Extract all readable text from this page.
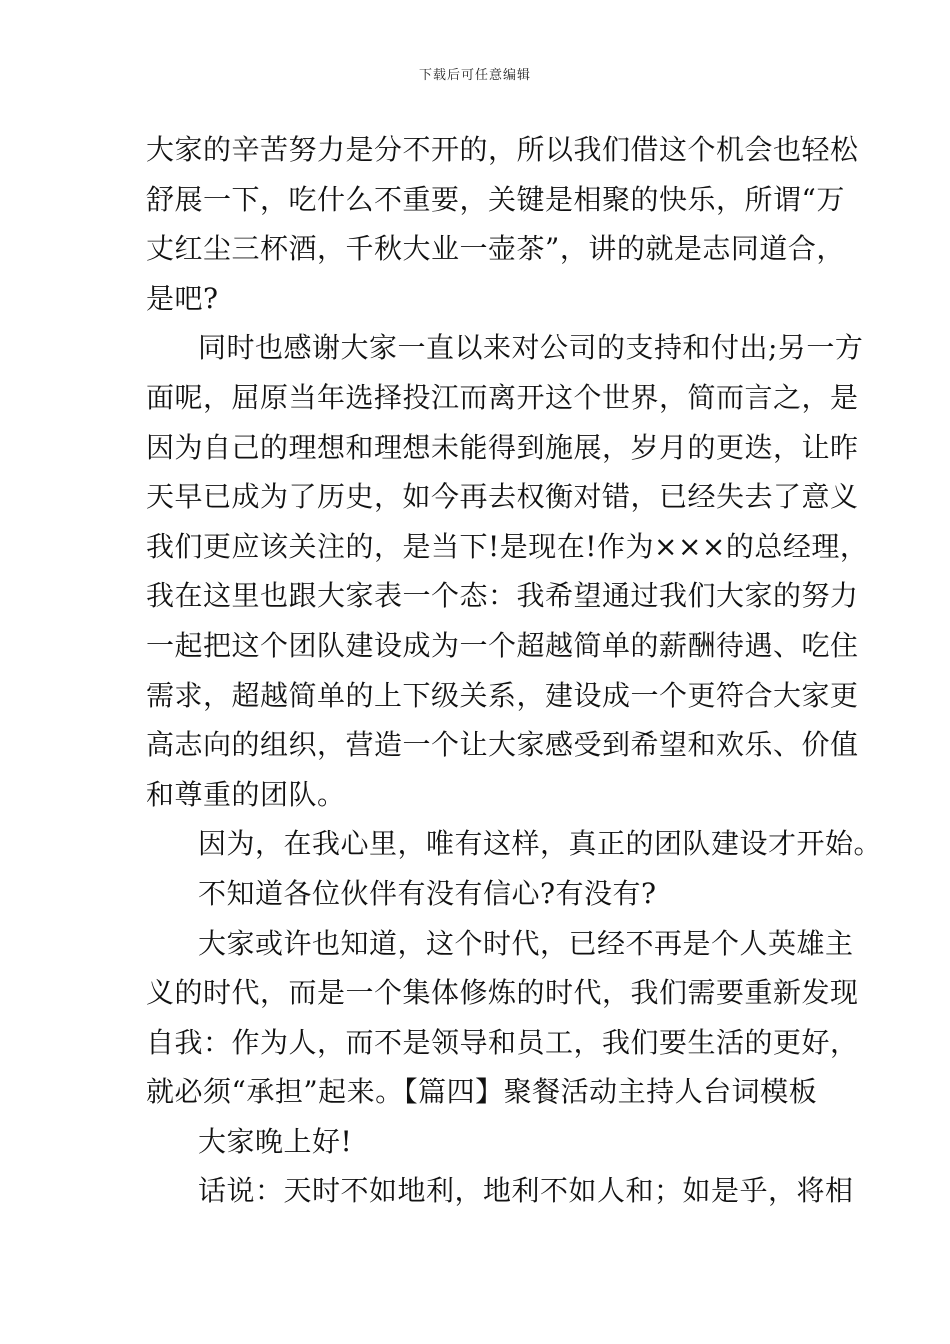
下载后可任意编辑
大家的辛苦努力是分不开的，所以我们借这个机会也轻松
舒展一下，吃什么不重要，关键是相聚的快乐，所谓“万
丈红尘三杯酒，千秋大业一壶茶”，讲的就是志同道合，
是吧?
同时也感谢大家一直以来对公司的支持和付出;另一方
面呢，屈原当年选择投江而离开这个世界，简而言之，是
因为自己的理想和理想未能得到施展，岁月的更迭，让昨
天早已成为了历史，如今再去权衡对错，已经失去了意义
我们更应该关注的，是当下!是现在!作为×××的总经理，
我在这里也跟大家表一个态：我希望通过我们大家的努力
一起把这个团队建设成为一个超越简单的薪酬待遇、吃住
需求，超越简单的上下级关系，建设成一个更符合大家更
高志向的组织，营造一个让大家感受到希望和欢乐、价值
和尊重的团队。
因为，在我心里，唯有这样，真正的团队建设才开始。
不知道各位伙伴有没有信心?有没有?
大家或许也知道，这个时代，已经不再是个人英雄主
义的时代，而是一个集体修炼的时代，我们需要重新发现
自我：作为人，而不是领导和员工，我们要生活的更好，
就必须“承担”起来。【篇四】聚餐活动主持人台词模板
大家晚上好!
话说：天时不如地利，地利不如人和；如是乎，将相
